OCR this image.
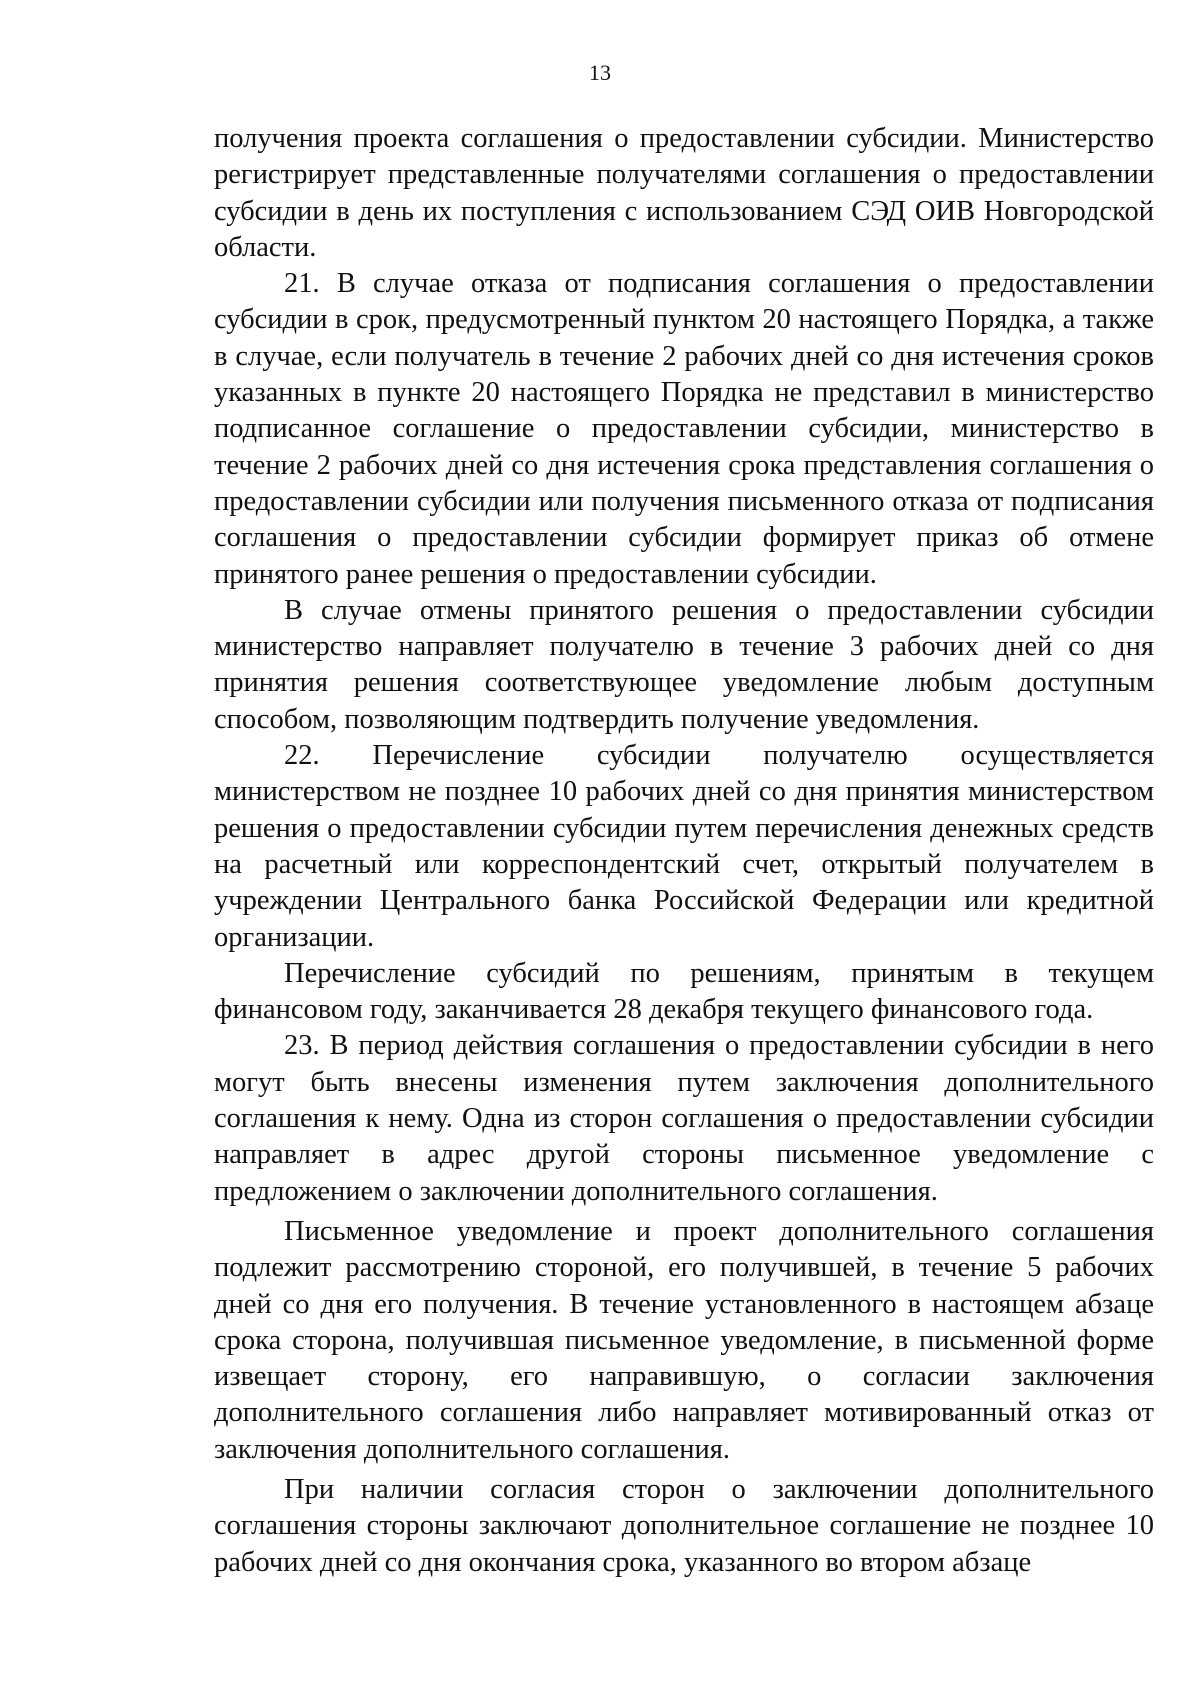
13

получения проекта соглашения о предоставлении субсидии. Министерство регистрирует представленные получателями соглашения о предоставлении субсидии в день их поступления с использованием СЭД ОИВ Новгородской области.

21. В случае отказа от подписания соглашения о предоставлении субсидии в срок, предусмотренный пунктом 20 настоящего Порядка, а также в случае, если получатель в течение 2 рабочих дней со дня истечения сроков указанных в пункте 20 настоящего Порядка не представил в министерство подписанное соглашение о предоставлении субсидии, министерство в течение 2 рабочих дней со дня истечения срока представления соглашения о предоставлении субсидии или получения письменного отказа от подписания соглашения о предоставлении субсидии формирует приказ об отмене принятого ранее решения о предоставлении субсидии.

В случае отмены принятого решения о предоставлении субсидии министерство направляет получателю в течение 3 рабочих дней со дня принятия решения соответствующее уведомление любым доступным способом, позволяющим подтвердить получение уведомления.

22. Перечисление субсидии получателю осуществляется министерством не позднее 10 рабочих дней со дня принятия министерством решения о предоставлении субсидии путем перечисления денежных средств на расчетный или корреспондентский счет, открытый получателем в учреждении Центрального банка Российской Федерации или кредитной организации.

Перечисление субсидий по решениям, принятым в текущем финансовом году, заканчивается 28 декабря текущего финансового года.

23. В период действия соглашения о предоставлении субсидии в него могут быть внесены изменения путем заключения дополнительного соглашения к нему. Одна из сторон соглашения о предоставлении субсидии направляет в адрес другой стороны письменное уведомление с предложением о заключении дополнительного соглашения.

Письменное уведомление и проект дополнительного соглашения подлежит рассмотрению стороной, его получившей, в течение 5 рабочих дней со дня его получения. В течение установленного в настоящем абзаце срока сторона, получившая письменное уведомление, в письменной форме извещает сторону, его направившую, о согласии заключения дополнительного соглашения либо направляет мотивированный отказ от заключения дополнительного соглашения.

При наличии согласия сторон о заключении дополнительного соглашения стороны заключают дополнительное соглашение не позднее 10 рабочих дней со дня окончания срока, указанного во втором абзаце
